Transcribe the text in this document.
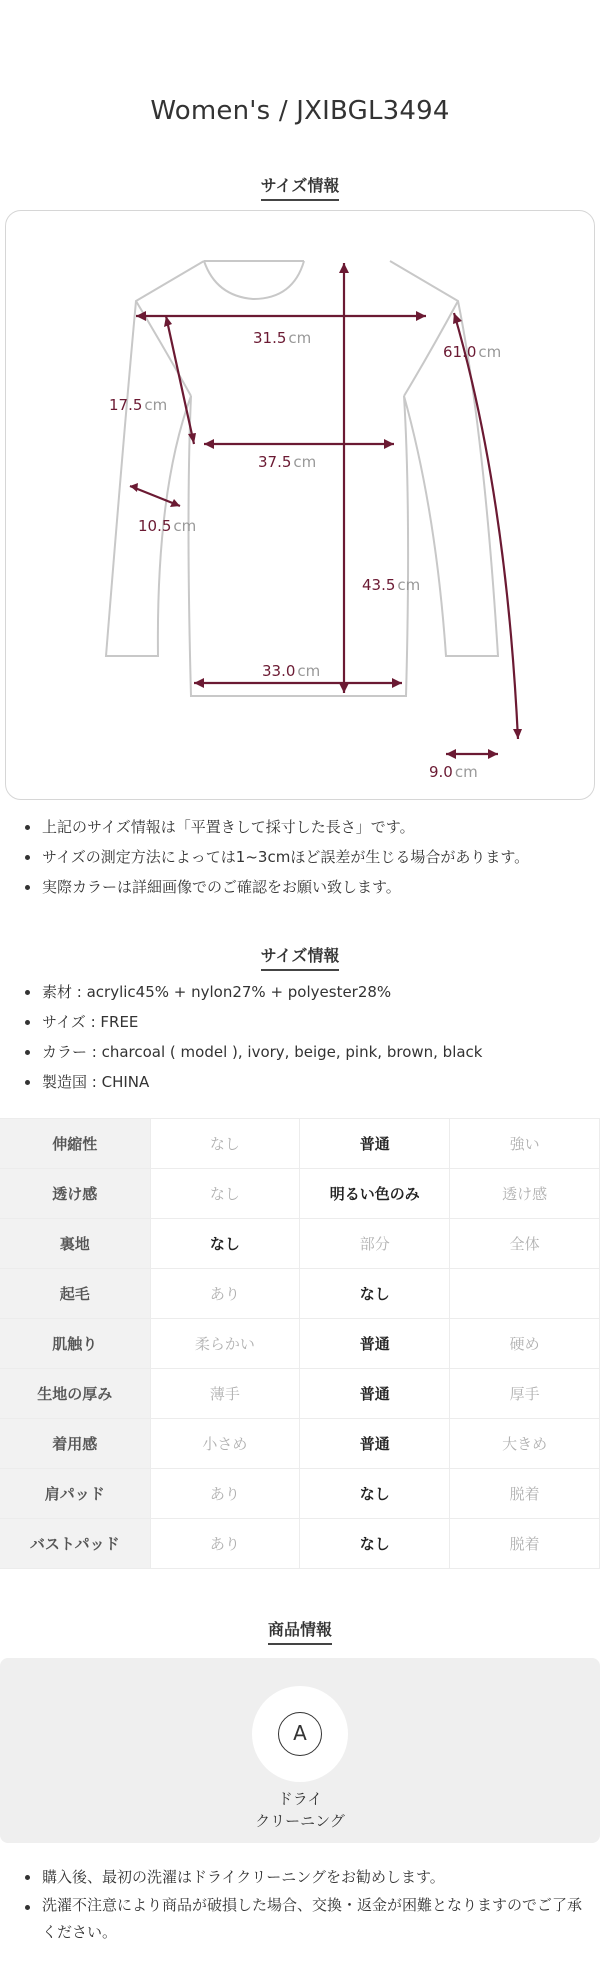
Women's / JXIBGL3494
サイズ情報
31.5 cm
61.0 cm
17.5 cm
37.5 cm
10.5 cm
43.5 cm
33.0 cm
9.0 cm
上記のサイズ情報は「平置きして採寸した長さ」です。
サイズの測定方法によっては1~3cmほど誤差が生じる場合があります。
実際カラーは詳細画像でのご確認をお願い致します。
サイズ情報
素材 : acrylic45% + nylon27% + polyester28%
サイズ : FREE
カラー : charcoal ( model ), ivory, beige, pink, brown, black
製造国 : CHINA
伸縮性	なし	普通	強い
透け感	なし	明るい色のみ	透け感
裏地	なし	部分	全体
起毛	あり	なし	
肌触り	柔らかい	普通	硬め
生地の厚み	薄手	普通	厚手
着用感	小さめ	普通	大きめ
肩パッド	あり	なし	脱着
バストパッド	あり	なし	脱着
商品情報
A
ドライ
クリーニング
購入後、最初の洗濯はドライクリーニングをお勧めします。
洗濯不注意により商品が破損した場合、交換・返金が困難となりますのでご了承ください。
